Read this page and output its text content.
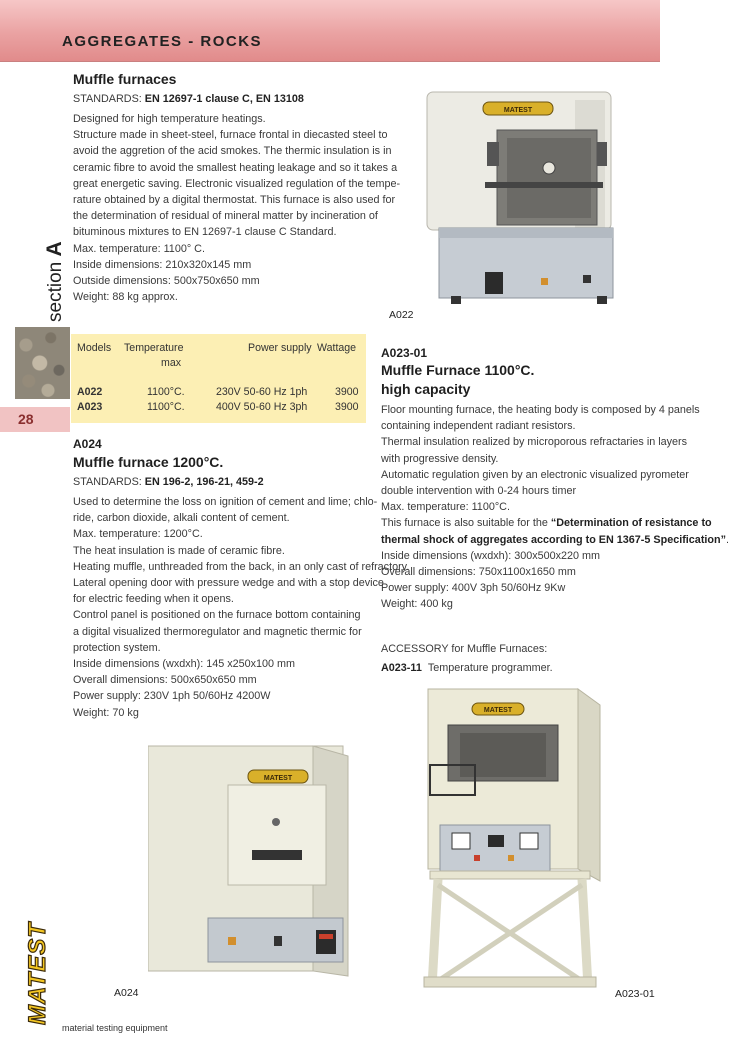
AGGREGATES - ROCKS
section A
28
MATEST
material testing equipment
Muffle furnaces
STANDARDS: EN 12697-1 clause C, EN 13108
Designed for high temperature heatings.
Structure made in sheet-steel, furnace frontal in diecasted steel to
avoid the aggretion of the acid smokes. The thermic insulation is in
ceramic fibre to avoid the smallest heating leakage and so it takes a
great energetic saving. Electronic visualized regulation of the tempe-
rature obtained by a digital thermostat. This furnace is also used for
the determination of residual of mineral matter by incineration of
bituminous mixtures to EN 12697-1 clause C Standard.
Max. temperature: 1100° C.
Inside dimensions: 210x320x145 mm
Outside dimensions: 500x750x650 mm
Weight: 88 kg approx.
Models Temperature
max
Power supply Wattage
A022	1100°C.	230V 50-60 Hz 1ph	3900
A023	1100°C.	400V 50-60 Hz 3ph	3900
A024
Muffle furnace 1200°C.
STANDARDS: EN 196-2, 196-21, 459-2
Used to determine the loss on ignition of cement and lime; chlo-
ride, carbon dioxide, alkali content of cement.
Max. temperature: 1200°C.
The heat insulation is made of ceramic fibre.
Heating muffle, unthreaded from the back, in an only cast of refractory.
Lateral opening door with pressure wedge and with a stop device
for electric feeding when it opens.
Control panel is positioned on the furnace bottom containing
a digital visualized thermoregulator and magnetic thermic for
protection system.
Inside dimensions (wxdxh): 145 x250x100 mm
Overall dimensions: 500x650x650 mm
Power supply: 230V 1ph 50/60Hz 4200W
Weight: 70 kg
A023-01
Muffle Furnace 1100°C.
high capacity
Floor mounting furnace, the heating body is composed by 4 panels
containing independent radiant resistors.
Thermal insulation realized by microporous refractaries in layers
with progressive density.
Automatic regulation given by an electronic visualized pyrometer
double intervention with 0-24 hours timer
Max. temperature: 1100°C.
This furnace is also suitable for the “Determination of resistance to
thermal shock of aggregates according to EN 1367-5 Specification”.
Inside dimensions (wxdxh): 300x500x220 mm
Overall dimensions: 750x1100x1650 mm
Power supply: 400V 3ph 50/60Hz 9Kw
Weight: 400 kg
ACCESSORY for Muffle Furnaces:
A023-11 Temperature programmer.
MATEST
A022
MATEST
A024
MATEST
A023-01
